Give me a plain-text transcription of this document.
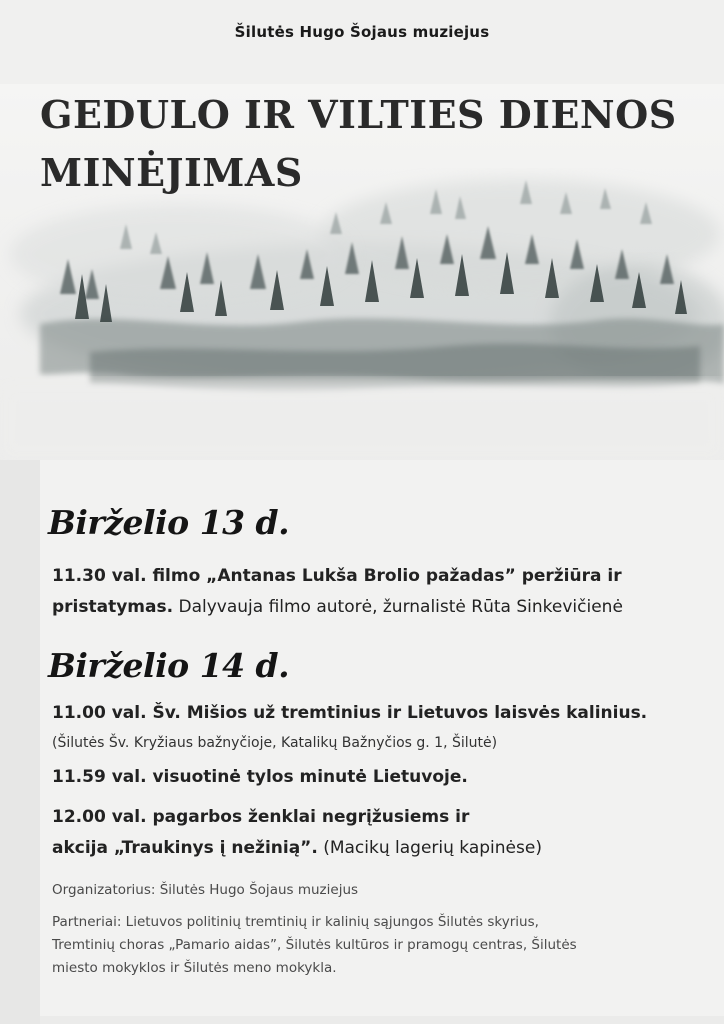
Šilutės Hugo Šojaus muziejus
GEDULO IR VILTIES DIENOS
MINĖJIMAS
Birželio 13 d.
11.30 val. filmo „Antanas Lukša Brolio pažadas” peržiūra ir
pristatymas. Dalyvauja filmo autorė, žurnalistė Rūta Sinkevičienė
Birželio 14 d.
11.00 val. Šv. Mišios už tremtinius ir Lietuvos laisvės kalinius.
(Šilutės Šv. Kryžiaus bažnyčioje, Katalikų Bažnyčios g. 1, Šilutė)
11.59 val. visuotinė tylos minutė Lietuvoje.
12.00 val. pagarbos ženklai negrįžusiems ir
akcija „Traukinys į nežinią”. (Macikų lagerių kapinėse)
Organizatorius: Šilutės Hugo Šojaus muziejus
Partneriai: Lietuvos politinių tremtinių ir kalinių sąjungos Šilutės skyrius,
Tremtinių choras „Pamario aidas”, Šilutės kultūros ir pramogų centras, Šilutės
miesto mokyklos ir Šilutės meno mokykla.
